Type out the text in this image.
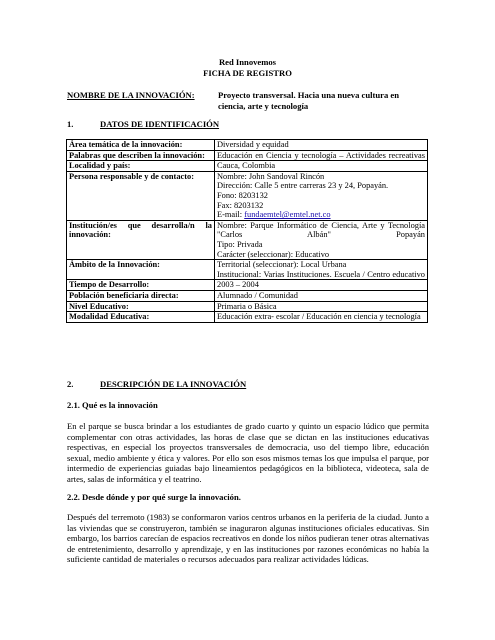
Red Innovemos
FICHA DE REGISTRO
NOMBRE DE LA INNOVACIÓN:	Proyecto transversal. Hacia una nueva cultura en ciencia, arte y tecnología
1.	DATOS DE IDENTIFICACIÓN
Área temática de la innovación:	Diversidad y equidad
Palabras que describen la innovación:	Educación en Ciencia y tecnología – Actividades recreativas
Localidad y país:	Cauca, Colombia
Persona responsable y de contacto:	Nombre: John Sandoval Rincón
Dirección: Calle 5 entre carreras 23 y 24, Popayán.
Fono: 8203132
Fax: 8203132
E-mail: fundaemtel@emtel.net.co

Institución/es que desarrolla/n la innovación:	Nombre: Parque Informático de Ciencia, Arte y Tecnología "Carlos Albán" Popayán
Tipo: Privada
Carácter (seleccionar): Educativo

Ámbito de la Innovación:	Territorial (seleccionar): Local Urbana
Institucional: Varias Instituciones. Escuela / Centro educativo

Tiempo de Desarrollo:	2003 – 2004
Población beneficiaria directa:	Alumnado / Comunidad
Nivel Educativo:	Primaria o Básica
Modalidad Educativa:	Educación extra- escolar / Educación en ciencia y tecnología
2.	DESCRIPCIÓN DE LA INNOVACIÓN
2.1. Qué es la innovación
En el parque se busca brindar a los estudiantes de grado cuarto y quinto un espacio lúdico que permita complementar con otras actividades, las horas de clase que se dictan en las instituciones educativas respectivas, en especial los proyectos transversales de democracia, uso del tiempo libre, educación sexual, medio ambiente y ética y valores. Por ello son esos mismos temas los que impulsa el parque, por intermedio de experiencias guiadas bajo lineamientos pedagógicos en la biblioteca, videoteca, sala de artes, salas de informática y el teatrino.
2.2. Desde dónde y por qué surge la innovación.
Después del terremoto (1983) se conformaron varios centros urbanos en la periferia de la ciudad. Junto a las viviendas que se construyeron, también se inaguraron algunas instituciones oficiales educativas. Sin embargo, los barrios carecían de espacios recreativos en donde los niños pudieran tener otras alternativas de entretenimiento, desarrollo y aprendizaje, y en las instituciones por razones económicas no había la suficiente cantidad de materiales o recursos adecuados para realizar actividades lúdicas.
